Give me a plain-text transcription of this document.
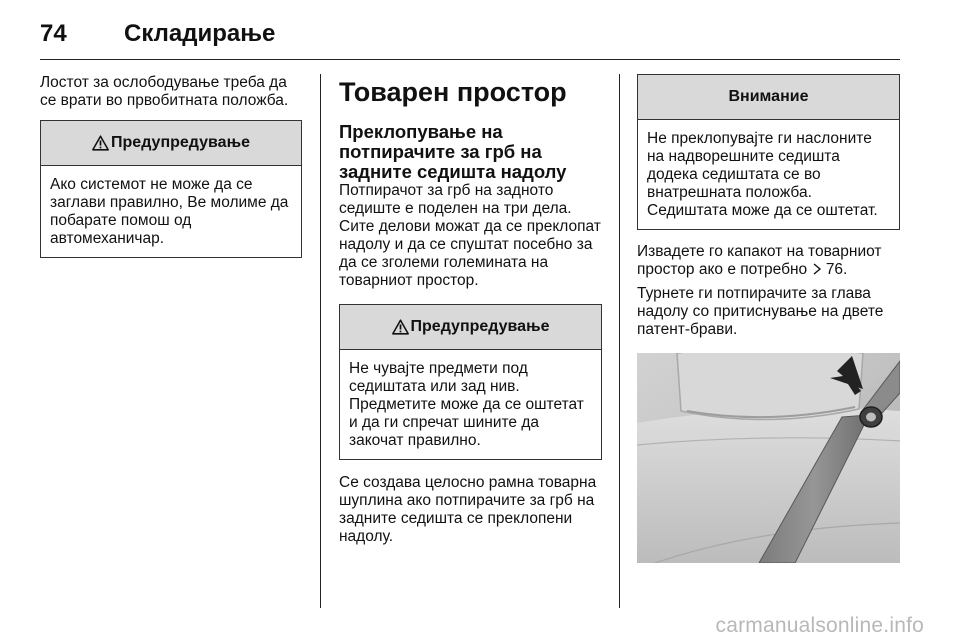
74	Складирање

Лостот за ослободување треба да се врати во првобитната положба.

Предупредување
Ако системот не може да се заглави правилно, Ве молиме да побарате помош од автомеханичар.
Товарен простор
Преклопување на потпирачите за грб на задните седишта надолу

Потпирачот за грб на задното седиште е поделен на три дела. Сите делови можат да се преклопат надолу и да се спуштат посебно за да се зголеми големината на товарниот простор.

Предупредување
Не чувајте предмети под седиштата или зад нив. Предметите може да се оштетат и да ги спречат шините да закочат правилно.

Се создава целосно рамна товарна шуплина ако потпирачите за грб на задните седишта се преклопени надолу.

Внимание
Не преклопувајте ги наслоните на надворешните седишта додека седиштата се во внатрешната положба. Седиштата може да се оштетат.

Извадете го капакот на товарниот простор ако е потребно 76.

Турнете ги потпирачите за глава надолу со притиснување на двете патент-брави.

carmanualsonline.info
